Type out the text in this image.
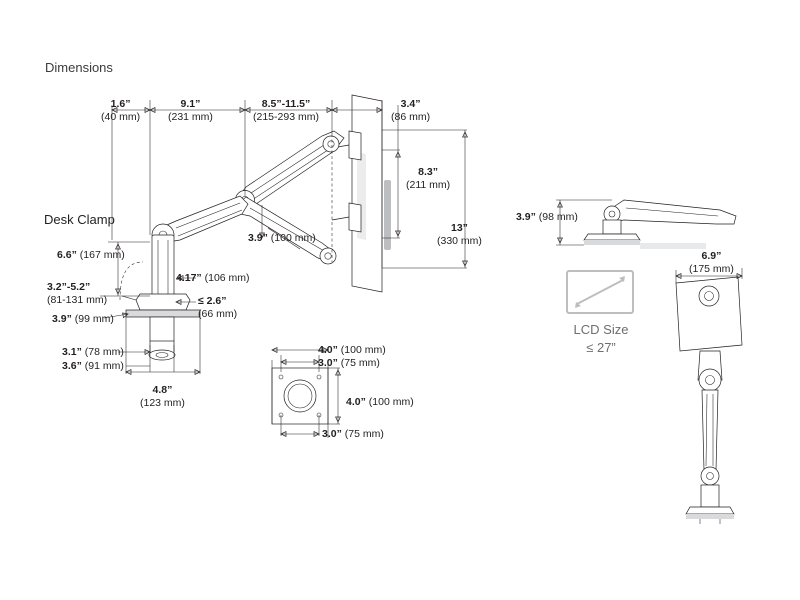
Dimensions
Desk Clamp
1.6”
(40 mm)
9.1”
(231 mm)
8.5”-11.5”
(215-293 mm)
3.4”
(86 mm)
8.3”
(211 mm)
13”
(330 mm)
3.9” (100 mm)
6.6” (167 mm)
4.17” (106 mm)
3.2”-5.2”
(81-131 mm)	≤ 2.6”
(66 mm)
3.9” (99 mm)
3.1” (78 mm)
3.6” (91 mm)
4.8”
(123 mm)
4.0” (100 mm)
3.0” (75 mm)
4.0” (100 mm)
3.0” (75 mm)
3.9” (98 mm)
6.9”
(175 mm)
LCD Size
≤ 27”
